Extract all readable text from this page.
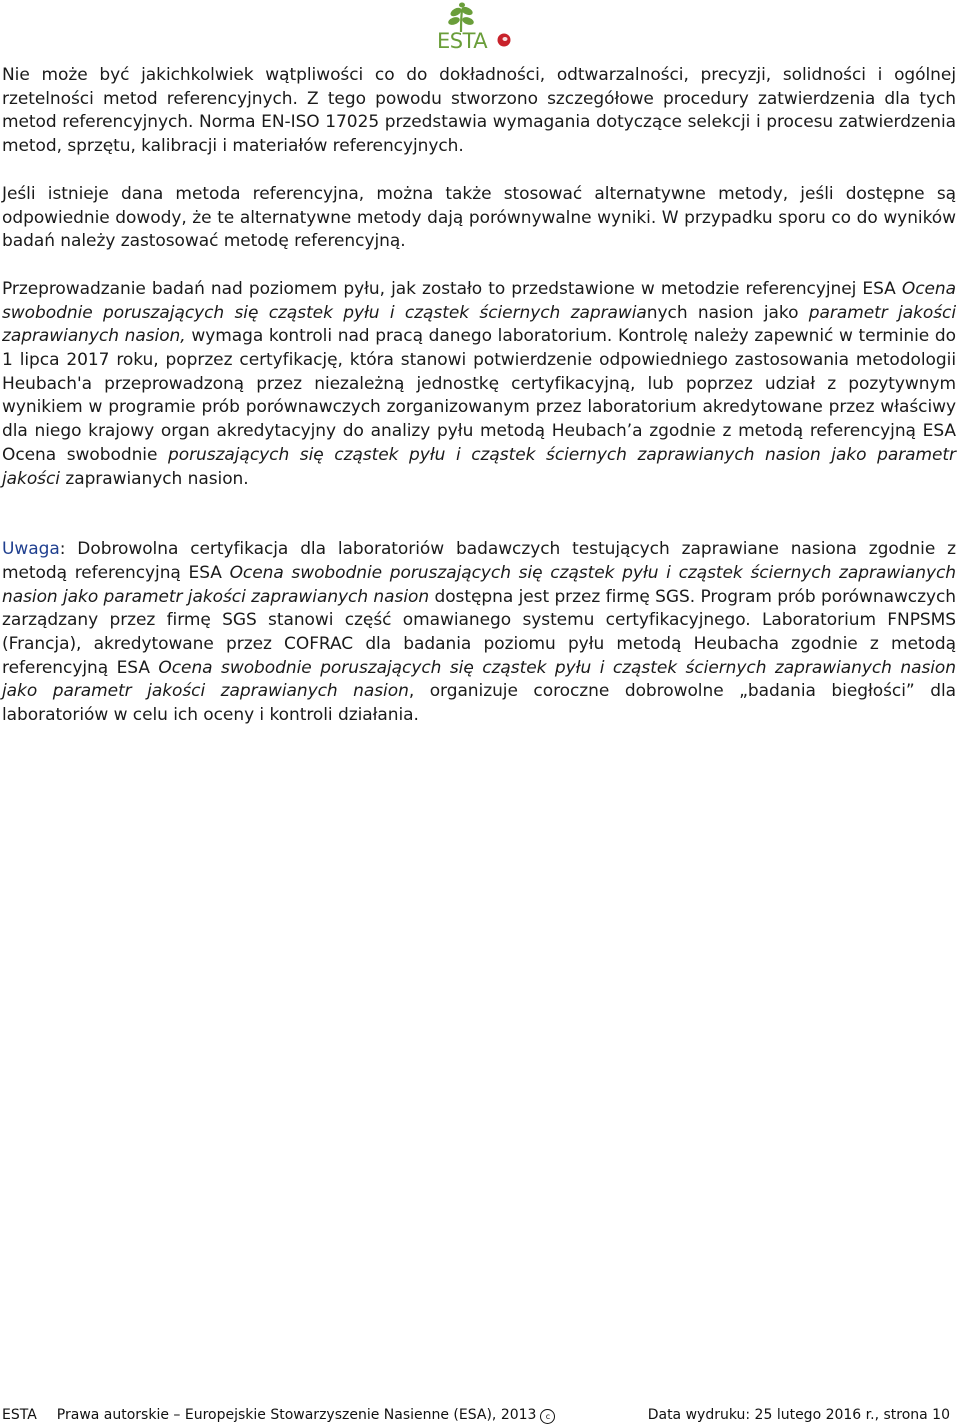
ESTA

Nie może być jakichkolwiek wątpliwości co do dokładności, odtwarzalności, precyzji, solidności i ogólnej rzetelności metod referencyjnych. Z tego powodu stworzono szczegółowe procedury zatwierdzenia dla tych metod referencyjnych. Norma EN-ISO 17025 przedstawia wymagania dotyczące selekcji i procesu zatwierdzenia metod, sprzętu, kalibracji i materiałów referencyjnych.

Jeśli istnieje dana metoda referencyjna, można także stosować alternatywne metody, jeśli dostępne są odpowiednie dowody, że te alternatywne metody dają porównywalne wyniki. W przypadku sporu co do wyników badań należy zastosować metodę referencyjną.

Przeprowadzanie badań nad poziomem pyłu, jak zostało to przedstawione w metodzie referencyjnej ESA Ocena swobodnie poruszających się cząstek pyłu i cząstek ściernych zaprawianych nasion jako parametr jakości zaprawianych nasion, wymaga kontroli nad pracą danego laboratorium. Kontrolę należy zapewnić w terminie do 1 lipca 2017 roku, poprzez certyfikację, która stanowi potwierdzenie odpowiedniego zastosowania metodologii Heubach'a przeprowadzoną przez niezależną jednostkę certyfikacyjną, lub poprzez udział z pozytywnym wynikiem w programie prób porównawczych zorganizowanym przez laboratorium akredytowane przez właściwy dla niego krajowy organ akredytacyjny do analizy pyłu metodą Heubach’a zgodnie z metodą referencyjną ESA Ocena swobodnie poruszających się cząstek pyłu i cząstek ściernych zaprawianych nasion jako parametr jakości zaprawianych nasion.

Uwaga: Dobrowolna certyfikacja dla laboratoriów badawczych testujących zaprawiane nasiona zgodnie z metodą referencyjną ESA Ocena swobodnie poruszających się cząstek pyłu i cząstek ściernych zaprawianych nasion jako parametr jakości zaprawianych nasion dostępna jest przez firmę SGS. Program prób porównawczych zarządzany przez firmę SGS stanowi część omawianego systemu certyfikacyjnego. Laboratorium FNPSMS (Francja), akredytowane przez COFRAC dla badania poziomu pyłu metodą Heubacha zgodnie z metodą referencyjną ESA Ocena swobodnie poruszających się cząstek pyłu i cząstek ściernych zaprawianych nasion jako parametr jakości zaprawianych nasion, organizuje coroczne dobrowolne „badania biegłości” dla laboratoriów w celu ich oceny i kontroli działania.

ESTA Prawa autorskie – Europejskie Stowarzyszenie Nasienne (ESA), 2013 c	Data wydruku: 25 lutego 2016 r., strona 10
